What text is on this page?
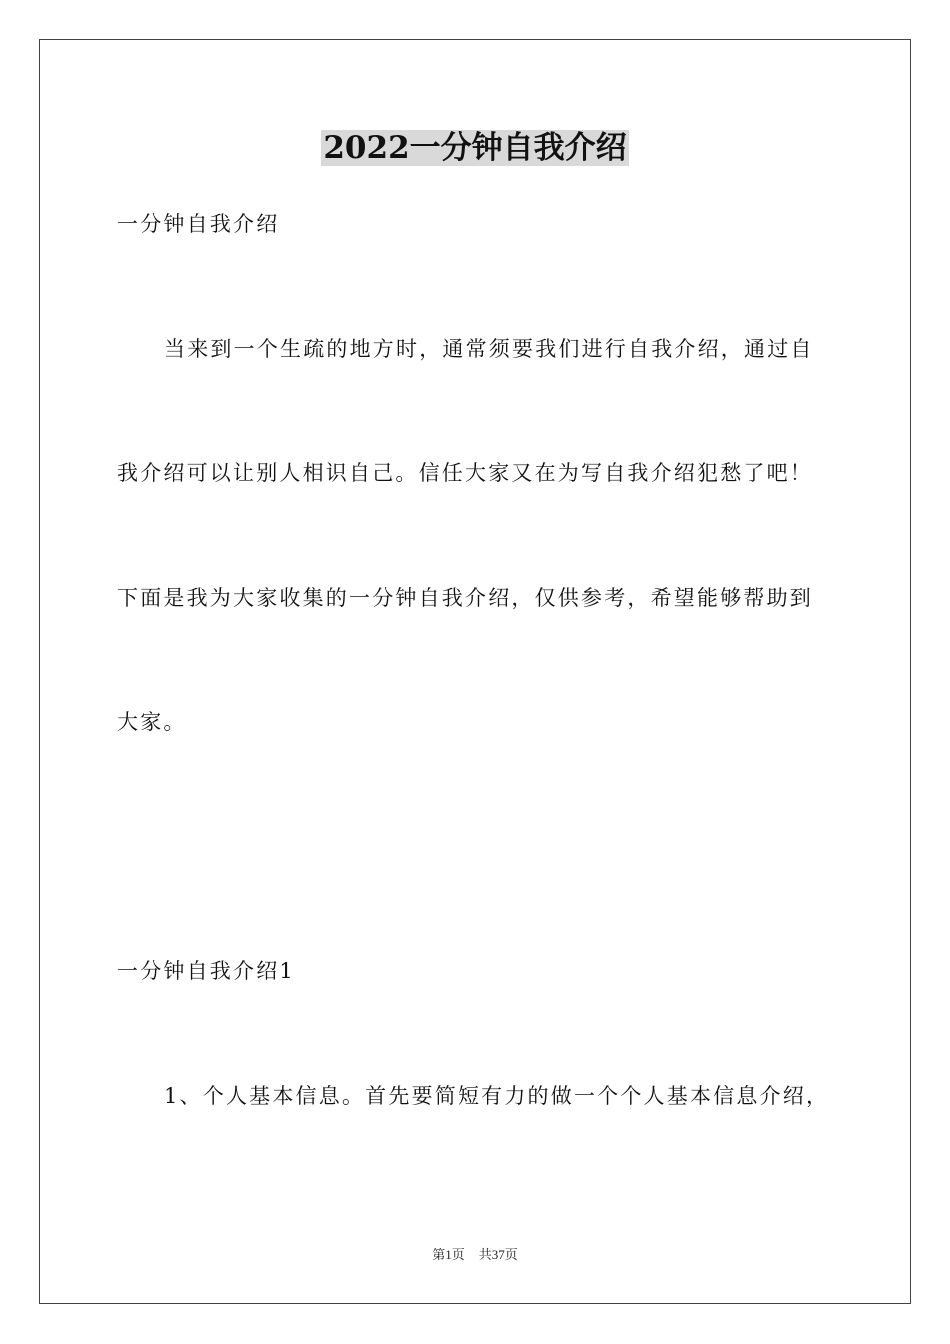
2022一分钟自我介绍
一分钟自我介绍
当来到一个生疏的地方时，通常须要我们进行自我介绍，通过自
我介绍可以让别人相识自己。信任大家又在为写自我介绍犯愁了吧！
下面是我为大家收集的一分钟自我介绍，仅供参考，希望能够帮助到
大家。
一分钟自我介绍1
1、个人基本信息。首先要简短有力的做一个个人基本信息介绍，
第1页 共37页
